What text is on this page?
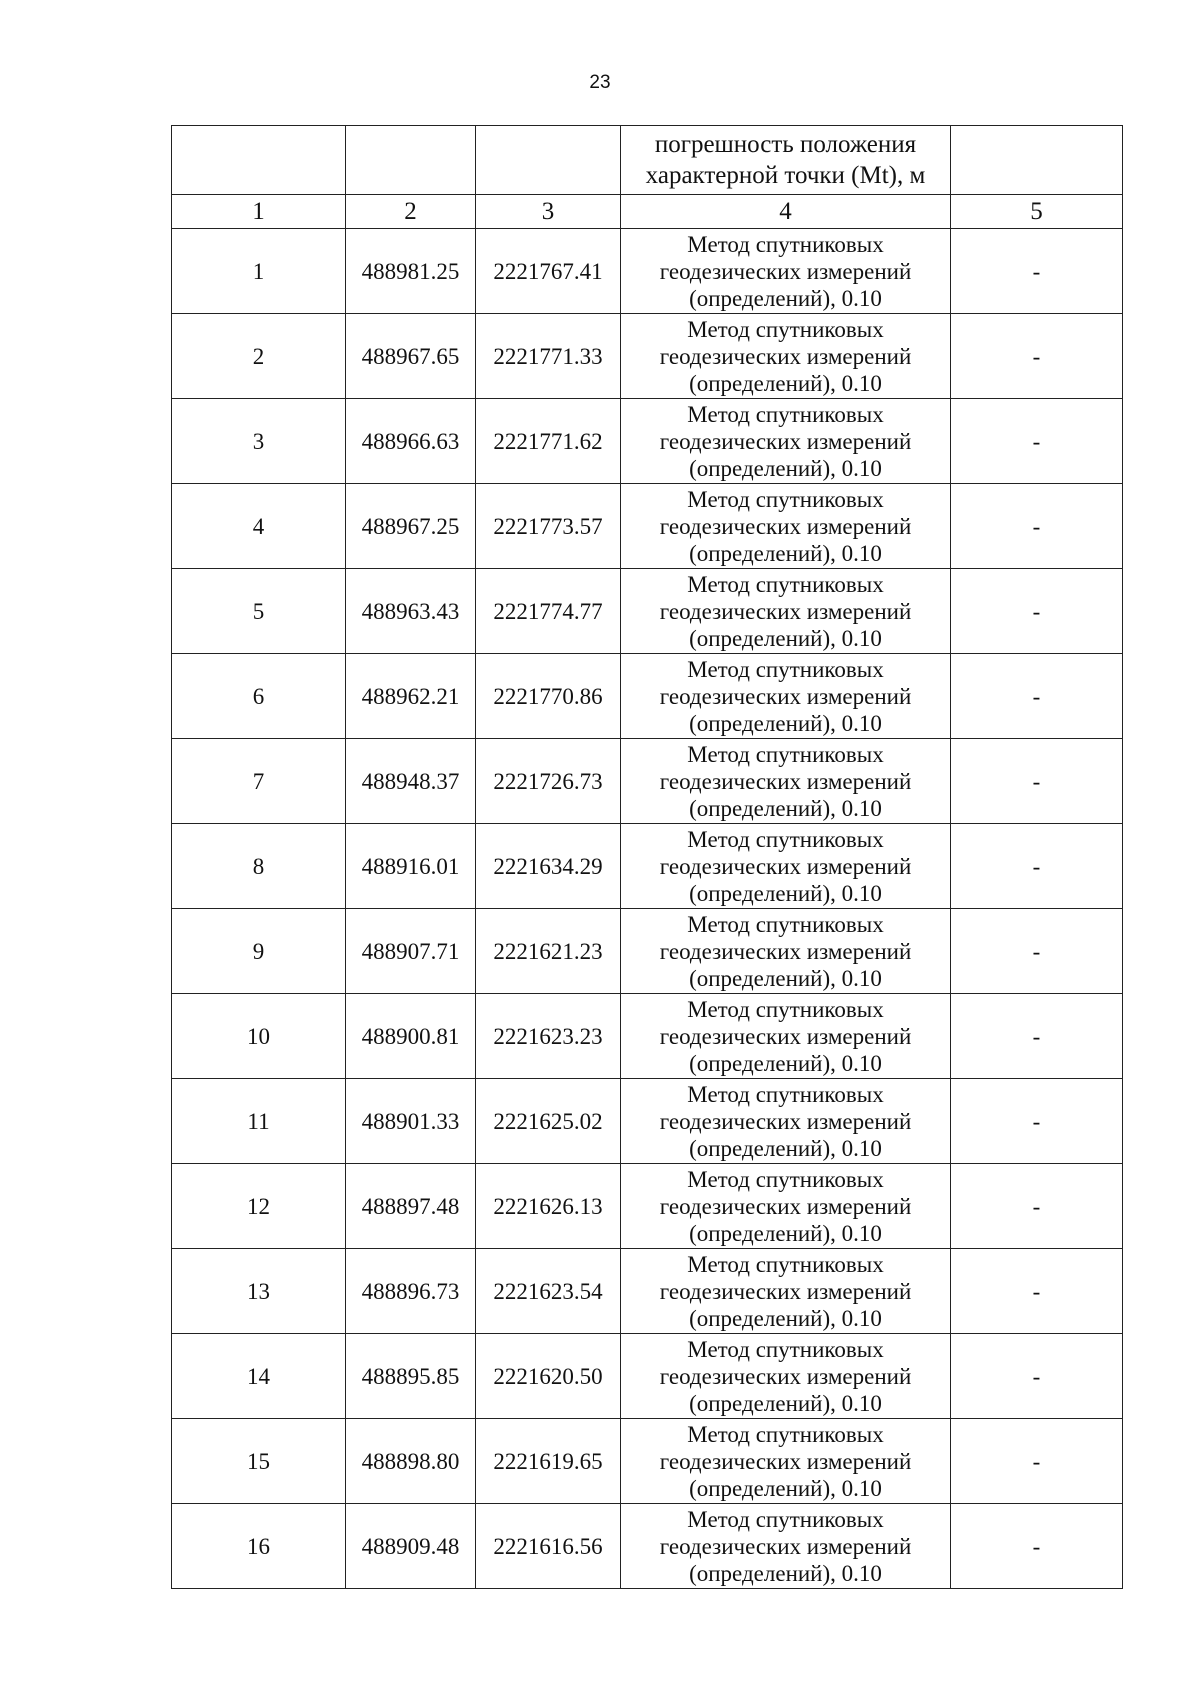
23

			погрешность положения
характерной точки (Mt), м	

1	2	3	4	5
1	488981.25	2221767.41	Метод спутниковых
геодезических измерений
(определений), 0.10	-
2	488967.65	2221771.33	Метод спутниковых
геодезических измерений
(определений), 0.10	-
3	488966.63	2221771.62	Метод спутниковых
геодезических измерений
(определений), 0.10	-
4	488967.25	2221773.57	Метод спутниковых
геодезических измерений
(определений), 0.10	-
5	488963.43	2221774.77	Метод спутниковых
геодезических измерений
(определений), 0.10	-
6	488962.21	2221770.86	Метод спутниковых
геодезических измерений
(определений), 0.10	-
7	488948.37	2221726.73	Метод спутниковых
геодезических измерений
(определений), 0.10	-
8	488916.01	2221634.29	Метод спутниковых
геодезических измерений
(определений), 0.10	-
9	488907.71	2221621.23	Метод спутниковых
геодезических измерений
(определений), 0.10	-
10	488900.81	2221623.23	Метод спутниковых
геодезических измерений
(определений), 0.10	-
11	488901.33	2221625.02	Метод спутниковых
геодезических измерений
(определений), 0.10	-
12	488897.48	2221626.13	Метод спутниковых
геодезических измерений
(определений), 0.10	-
13	488896.73	2221623.54	Метод спутниковых
геодезических измерений
(определений), 0.10	-
14	488895.85	2221620.50	Метод спутниковых
геодезических измерений
(определений), 0.10	-
15	488898.80	2221619.65	Метод спутниковых
геодезических измерений
(определений), 0.10	-
16	488909.48	2221616.56	Метод спутниковых
геодезических измерений
(определений), 0.10	-
